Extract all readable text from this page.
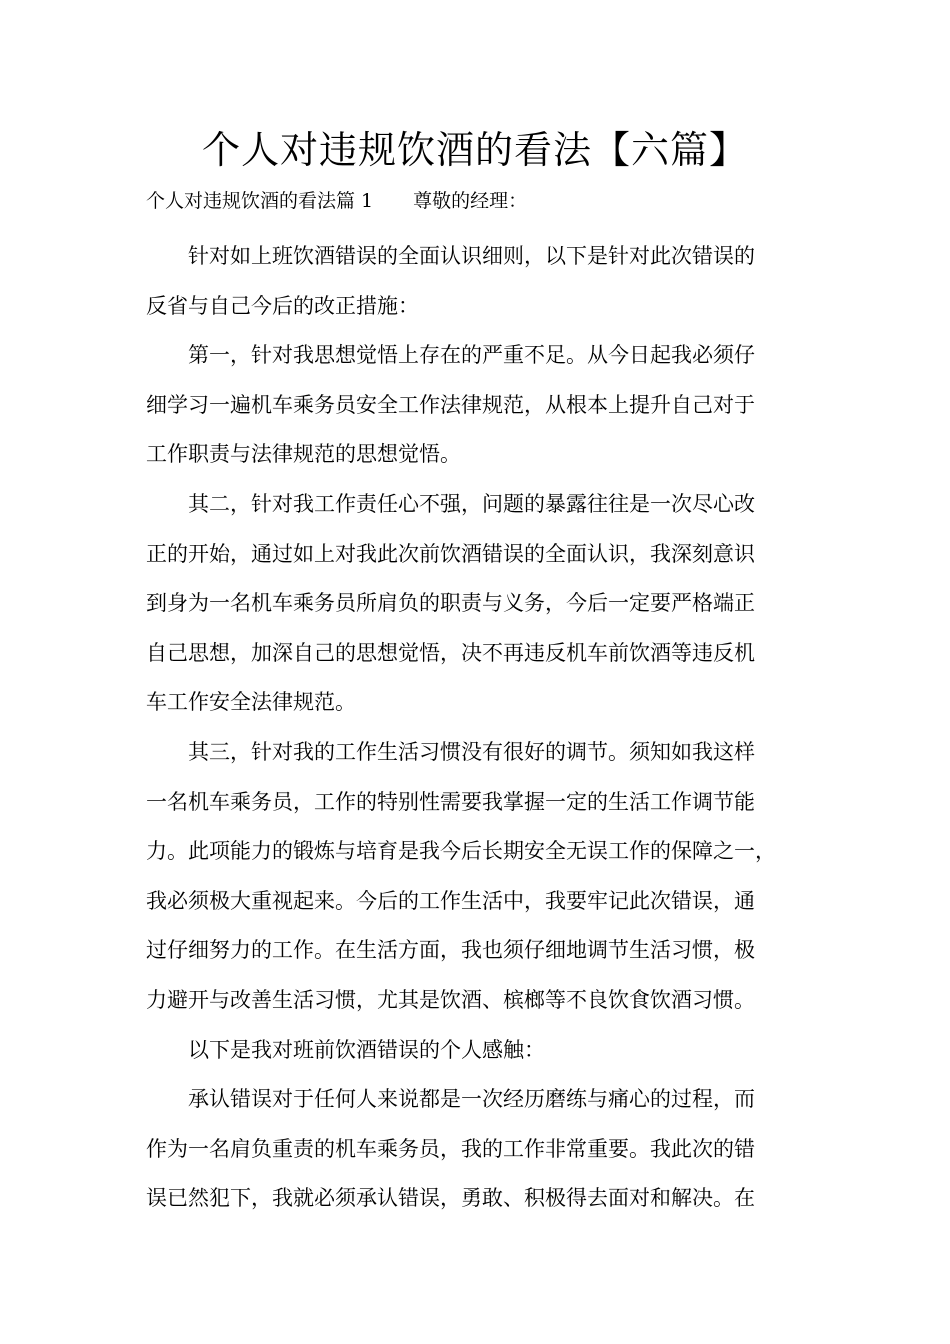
个人对违规饮酒的看法【六篇】
个人对违规饮酒的看法篇 1 尊敬的经理：
　　针对如上班饮酒错误的全面认识细则，以下是针对此次错误的
反省与自己今后的改正措施：
　　第一，针对我思想觉悟上存在的严重不足。从今日起我必须仔
细学习一遍机车乘务员安全工作法律规范，从根本上提升自己对于
工作职责与法律规范的思想觉悟。
　　其二，针对我工作责任心不强，问题的暴露往往是一次尽心改
正的开始，通过如上对我此次前饮酒错误的全面认识，我深刻意识
到身为一名机车乘务员所肩负的职责与义务，今后一定要严格端正
自己思想，加深自己的思想觉悟，决不再违反机车前饮酒等违反机
车工作安全法律规范。
　　其三，针对我的工作生活习惯没有很好的调节。须知如我这样
一名机车乘务员，工作的特别性需要我掌握一定的生活工作调节能
力。此项能力的锻炼与培育是我今后长期安全无误工作的保障之一，
我必须极大重视起来。今后的工作生活中，我要牢记此次错误，通
过仔细努力的工作。在生活方面，我也须仔细地调节生活习惯，极
力避开与改善生活习惯，尤其是饮酒、槟榔等不良饮食饮酒习惯。
　　以下是我对班前饮酒错误的个人感触：
　　承认错误对于任何人来说都是一次经历磨练与痛心的过程，而
作为一名肩负重责的机车乘务员，我的工作非常重要。我此次的错
误已然犯下，我就必须承认错误，勇敢、积极得去面对和解决。在
